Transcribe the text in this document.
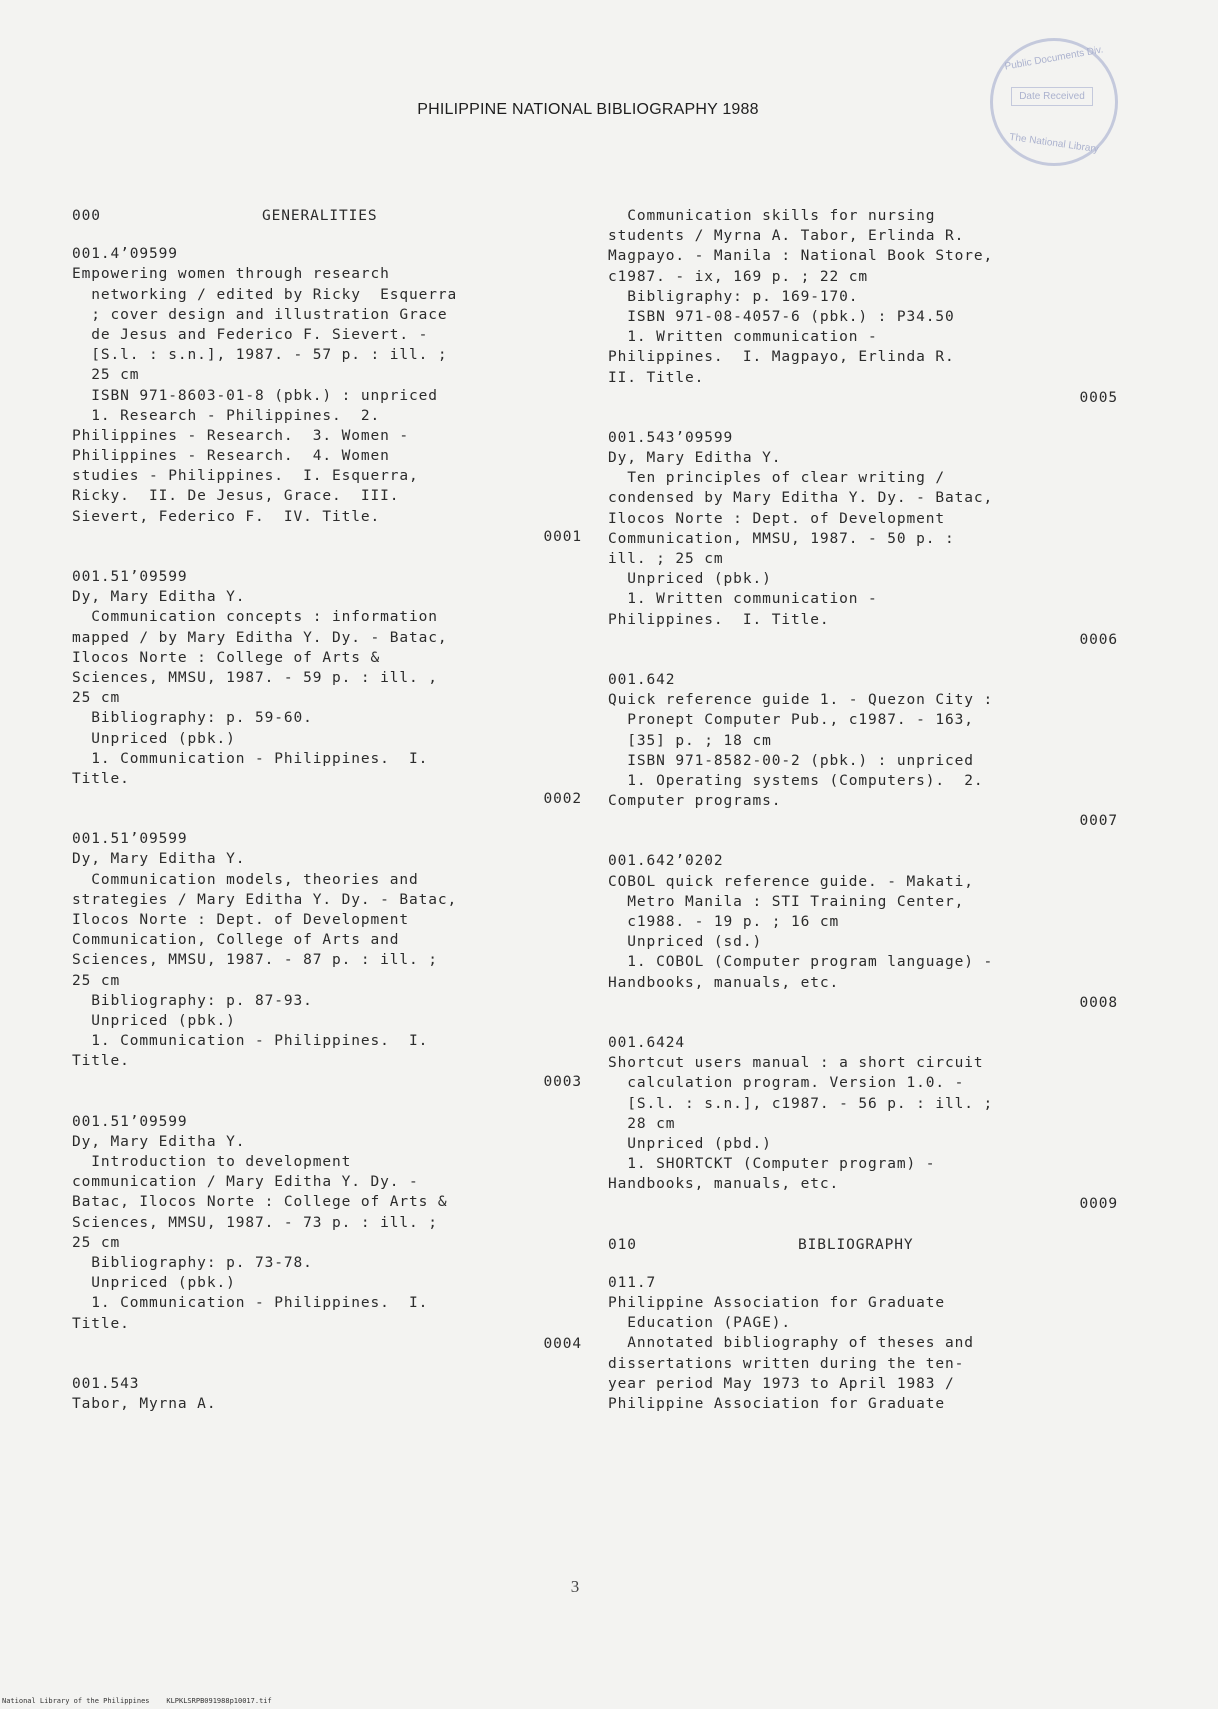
PHILIPPINE NATIONAL BIBLIOGRAPHY 1988
Public Documents Div.
Date Received
The National Library
000	GENERALITIES
001.4’09599
Empowering women through research
networking / edited by Ricky  Esquerra
; cover design and illustration Grace
de Jesus and Federico F. Sievert. -
[S.l. : s.n.], 1987. - 57 p. : ill. ;
25 cm
ISBN 971-8603-01-8 (pbk.) : unpriced
1. Research - Philippines.  2.
Philippines - Research.  3. Women -
Philippines - Research.  4. Women
studies - Philippines.  I. Esquerra,
Ricky.  II. De Jesus, Grace.  III.
Sievert, Federico F.  IV. Title.
0001
001.51’09599
Dy, Mary Editha Y.
Communication concepts : information
mapped / by Mary Editha Y. Dy. - Batac,
Ilocos Norte : College of Arts &
Sciences, MMSU, 1987. - 59 p. : ill. ,
25 cm
Bibliography: p. 59-60.
Unpriced (pbk.)
1. Communication - Philippines.  I.
Title.
0002
001.51’09599
Dy, Mary Editha Y.
Communication models, theories and
strategies / Mary Editha Y. Dy. - Batac,
Ilocos Norte : Dept. of Development
Communication, College of Arts and
Sciences, MMSU, 1987. - 87 p. : ill. ;
25 cm
Bibliography: p. 87-93.
Unpriced (pbk.)
1. Communication - Philippines.  I.
Title.
0003
001.51’09599
Dy, Mary Editha Y.
Introduction to development
communication / Mary Editha Y. Dy. -
Batac, Ilocos Norte : College of Arts &
Sciences, MMSU, 1987. - 73 p. : ill. ;
25 cm
Bibliography: p. 73-78.
Unpriced (pbk.)
1. Communication - Philippines.  I.
Title.
0004
001.543
Tabor, Myrna A.
Communication skills for nursing
students / Myrna A. Tabor, Erlinda R.
Magpayo. - Manila : National Book Store,
c1987. - ix, 169 p. ; 22 cm
Bibligraphy: p. 169-170.
ISBN 971-08-4057-6 (pbk.) : P34.50
1. Written communication -
Philippines.  I. Magpayo, Erlinda R.
II. Title.
0005
001.543’09599
Dy, Mary Editha Y.
Ten principles of clear writing /
condensed by Mary Editha Y. Dy. - Batac,
Ilocos Norte : Dept. of Development
Communication, MMSU, 1987. - 50 p. :
ill. ; 25 cm
Unpriced (pbk.)
1. Written communication -
Philippines.  I. Title.
0006
001.642
Quick reference guide 1. - Quezon City :
Pronept Computer Pub., c1987. - 163,
[35] p. ; 18 cm
ISBN 971-8582-00-2 (pbk.) : unpriced
1. Operating systems (Computers).  2.
Computer programs.
0007
001.642’0202
COBOL quick reference guide. - Makati,
Metro Manila : STI Training Center,
c1988. - 19 p. ; 16 cm
Unpriced (sd.)
1. COBOL (Computer program language) -
Handbooks, manuals, etc.
0008
001.6424
Shortcut users manual : a short circuit
calculation program. Version 1.0. -
[S.l. : s.n.], c1987. - 56 p. : ill. ;
28 cm
Unpriced (pbd.)
1. SHORTCKT (Computer program) -
Handbooks, manuals, etc.
0009
010	BIBLIOGRAPHY
011.7
Philippine Association for Graduate
Education (PAGE).
Annotated bibliography of theses and
dissertations written during the ten-
year period May 1973 to April 1983 /
Philippine Association for Graduate
3
National Library of the Philippines    KLPKLSRPB091988p10017.tif
